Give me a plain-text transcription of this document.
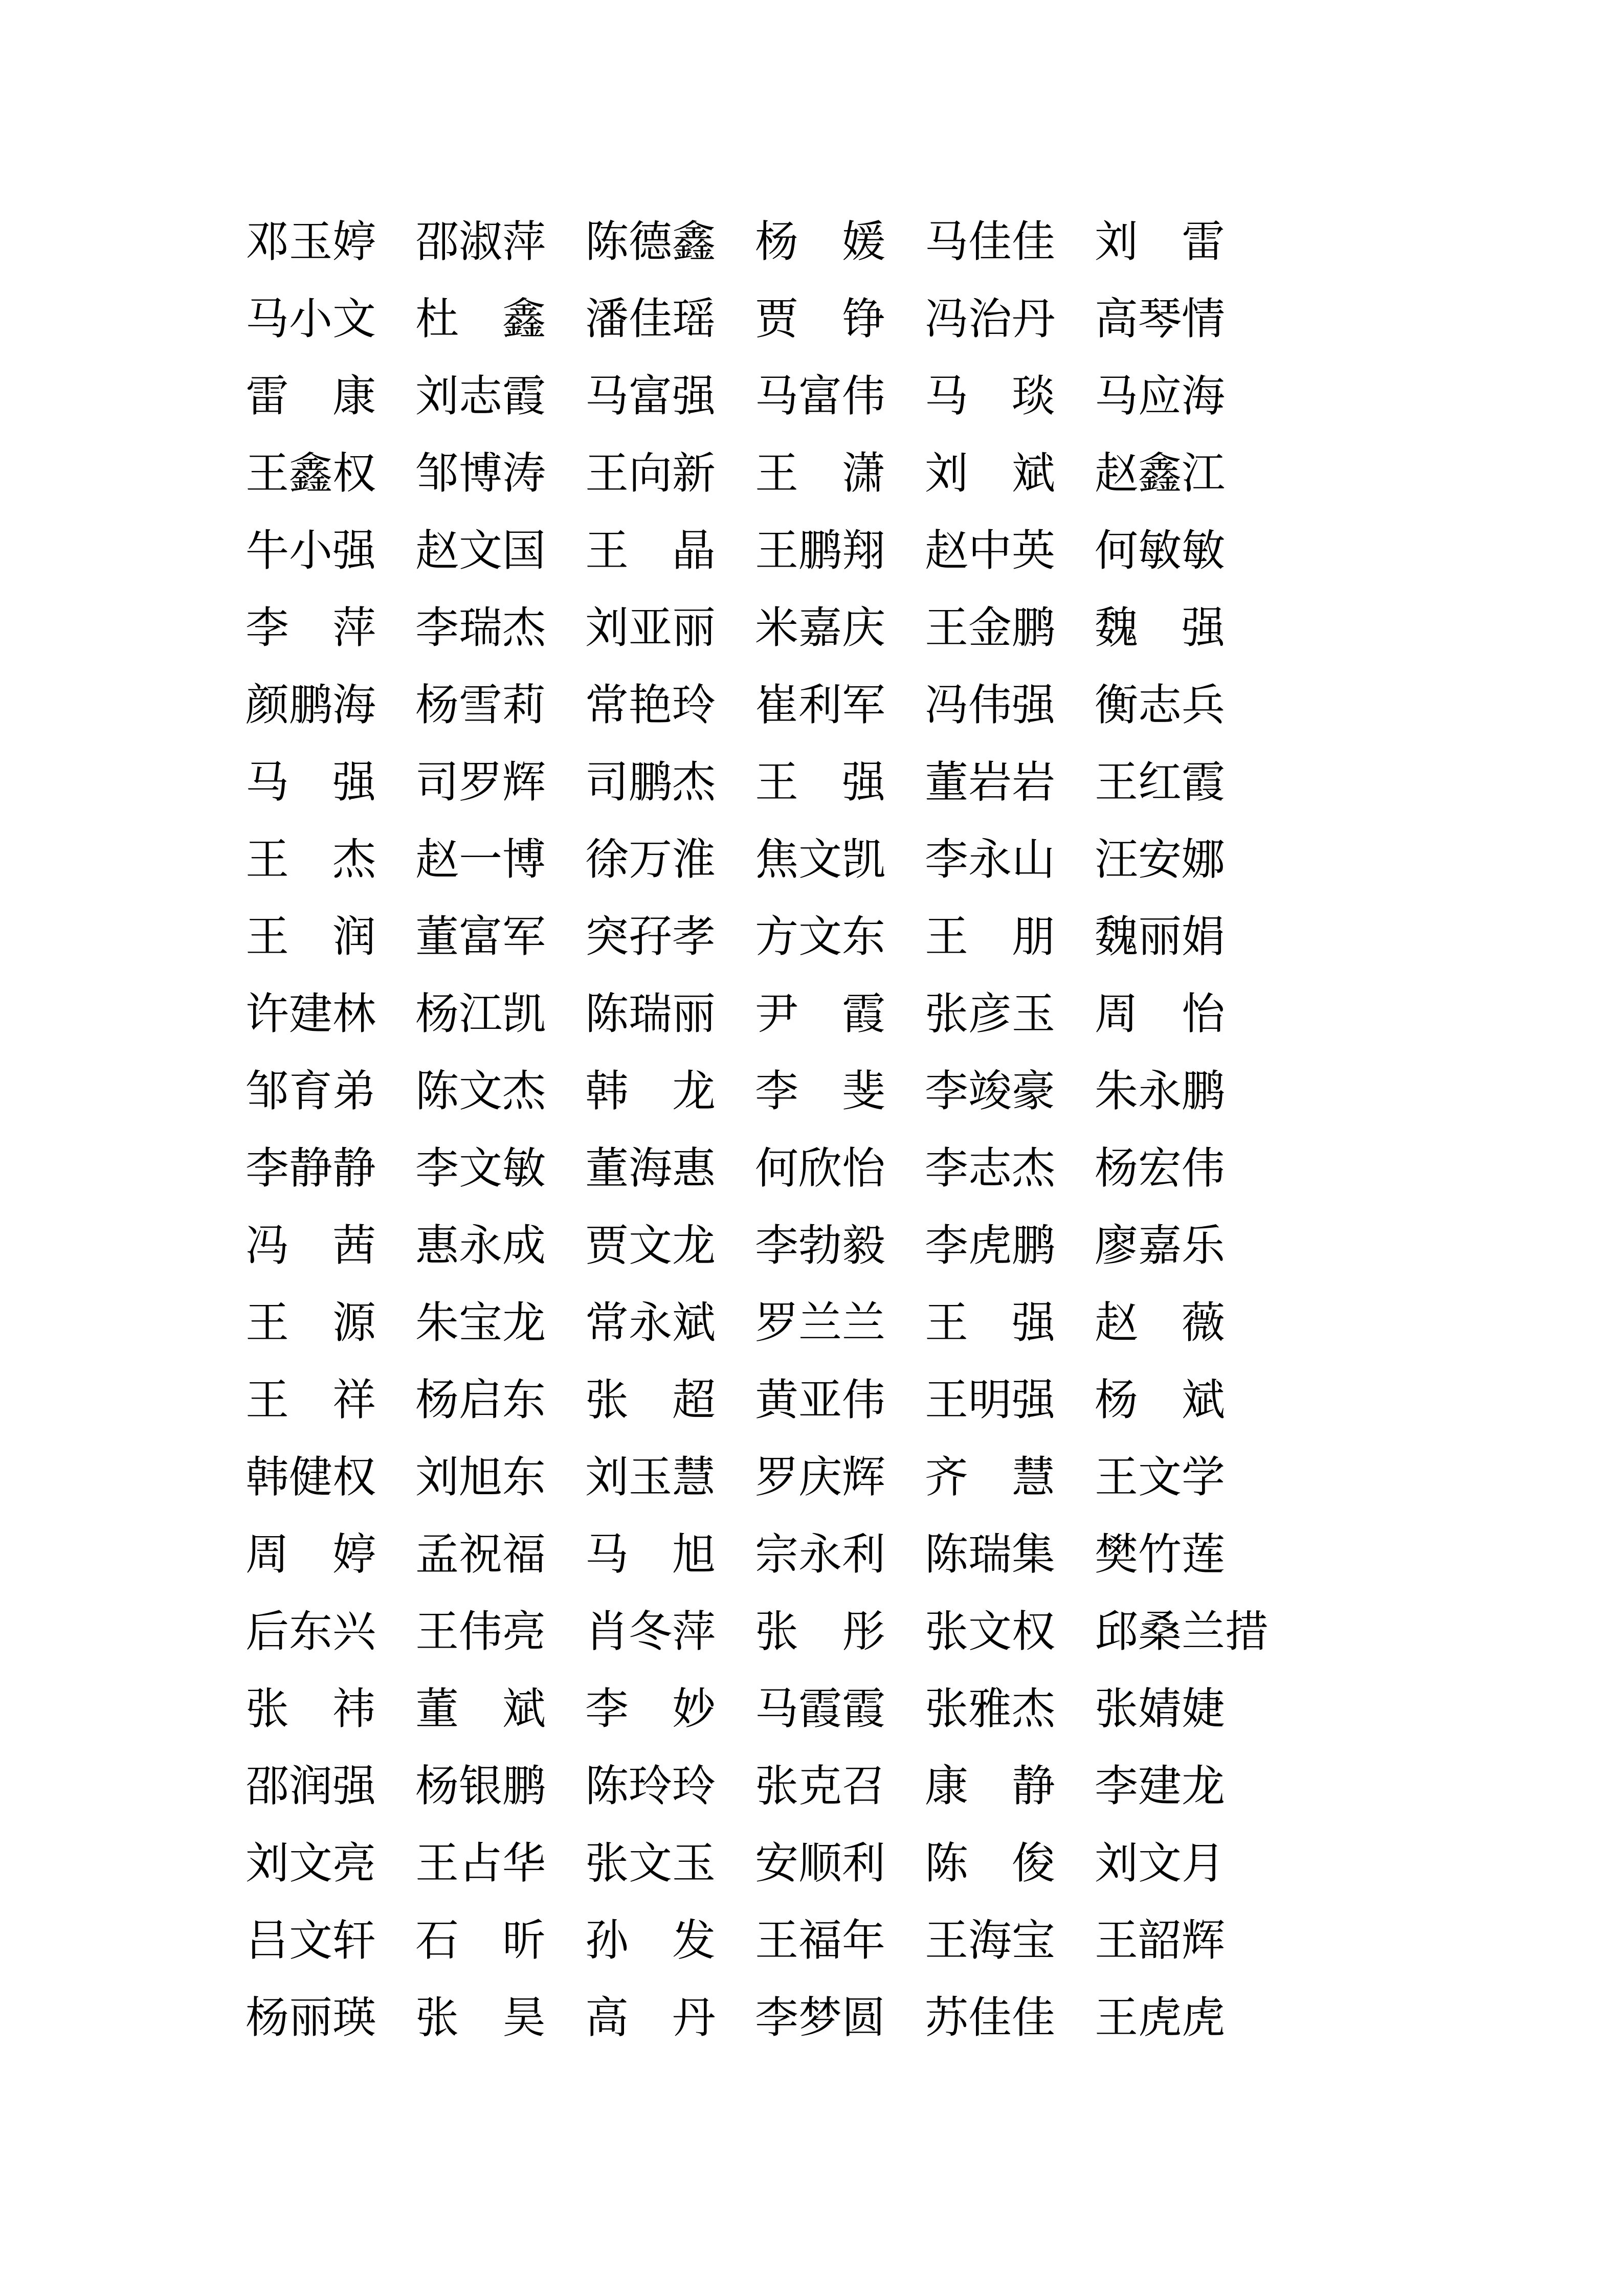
邓玉婷 邵淑萍 陈德鑫 杨　媛 马佳佳 刘　雷
马小文 杜　鑫 潘佳瑶 贾　铮 冯治丹 高琴情
雷　康 刘志霞 马富强 马富伟 马　琰 马应海
王鑫权 邹博涛 王向新 王　潇 刘　斌 赵鑫江
牛小强 赵文国 王　晶 王鹏翔 赵中英 何敏敏
李　萍 李瑞杰 刘亚丽 米嘉庆 王金鹏 魏　强
颜鹏海 杨雪莉 常艳玲 崔利军 冯伟强 衡志兵
马　强 司罗辉 司鹏杰 王　强 董岩岩 王红霞
王　杰 赵一博 徐万淮 焦文凯 李永山 汪安娜
王　润 董富军 突孖孝 方文东 王　朋 魏丽娟
许建林 杨江凯 陈瑞丽 尹　霞 张彦玉 周　怡
邹育弟 陈文杰 韩　龙 李　斐 李竣豪 朱永鹏
李静静 李文敏 董海惠 何欣怡 李志杰 杨宏伟
冯　茜 惠永成 贾文龙 李勃毅 李虎鹏 廖嘉乐
王　源 朱宝龙 常永斌 罗兰兰 王　强 赵　薇
王　祥 杨启东 张　超 黄亚伟 王明强 杨　斌
韩健权 刘旭东 刘玉慧 罗庆辉 齐　慧 王文学
周　婷 孟祝福 马　旭 宗永利 陈瑞集 樊竹莲
后东兴 王伟亮 肖冬萍 张　彤 张文权 邱桑兰措
张　祎 董　斌 李　妙 马霞霞 张雅杰 张婧婕
邵润强 杨银鹏 陈玲玲 张克召 康　静 李建龙
刘文亮 王占华 张文玉 安顺利 陈　俊 刘文月
吕文轩 石　昕 孙　发 王福年 王海宝 王韶辉
杨丽瑛 张　昊 高　丹 李梦圆 苏佳佳 王虎虎
